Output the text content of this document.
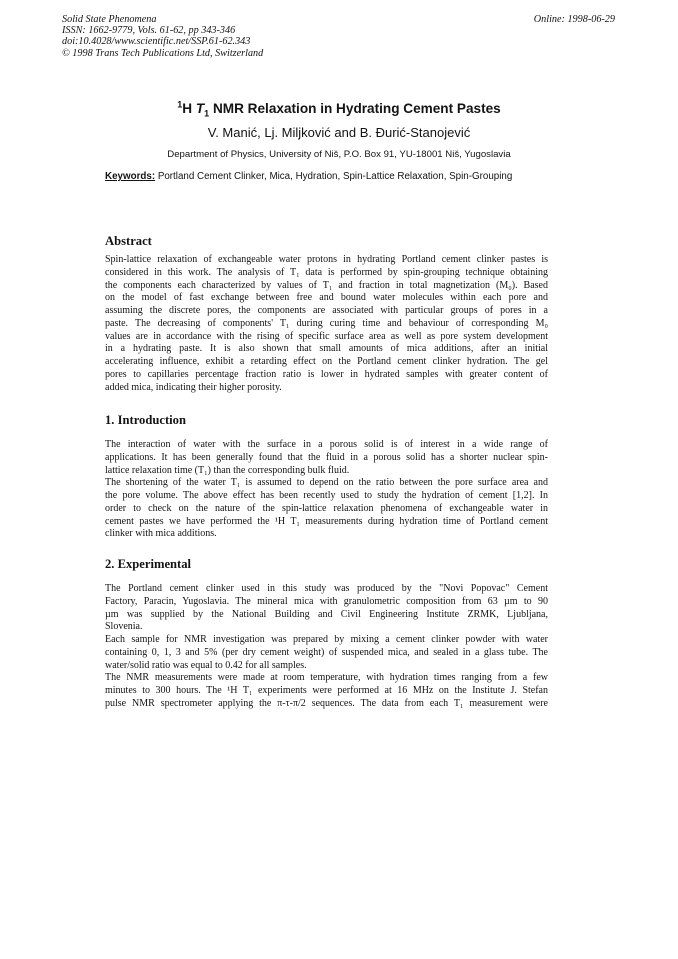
Solid State Phenomena
ISSN: 1662-9779, Vols. 61-62, pp 343-346
doi:10.4028/www.scientific.net/SSP.61-62.343
© 1998 Trans Tech Publications Ltd, Switzerland
Online: 1998-06-29
$^1$H $T_1$ NMR Relaxation in Hydrating Cement Pastes
V. Manić, Lj. Miljković and B. Đurić-Stanojević
Department of Physics, University of Niš, P.O. Box 91, YU-18001 Niš, Yugoslavia
Keywords: Portland Cement Clinker, Mica, Hydration, Spin-Lattice Relaxation, Spin-Grouping
Abstract
Spin-lattice relaxation of exchangeable water protons in hydrating Portland cement clinker pastes is
considered in this work. The analysis of T₁ data is performed by spin-grouping technique obtaining
the components each characterized by values of T₁ and fraction in total magnetization (M₀). Based
on the model of fast exchange between free and bound water molecules within each pore and
assuming the discrete pores, the components are associated with particular groups of pores in a
paste. The decreasing of components' T₁ during curing time and behaviour of corresponding M₀
values are in accordance with the rising of specific surface area as well as pore system development
in a hydrating paste. It is also shown that small amounts of mica additions, after an initial
accelerating influence, exhibit a retarding effect on the Portland cement clinker hydration. The gel
pores to capillaries percentage fraction ratio is lower in hydrated samples with greater content of
added mica, indicating their higher porosity.
1. Introduction
The interaction of water with the surface in a porous solid is of interest in a wide range of
applications. It has been generally found that the fluid in a porous solid has a shorter nuclear spin-
lattice relaxation time (T₁) than the corresponding bulk fluid.
The shortening of the water T₁ is assumed to depend on the ratio between the pore surface area and
the pore volume. The above effect has been recently used to study the hydration of cement [1,2]. In
order to check on the nature of the spin-lattice relaxation phenomena of exchangeable water in
cement pastes we have performed the ¹H T₁ measurements during hydration time of Portland cement
clinker with mica additions.
2. Experimental
The Portland cement clinker used in this study was produced by the "Novi Popovac" Cement
Factory, Paracin, Yugoslavia. The mineral mica with granulometric composition from 63 µm to 90
µm was supplied by the National Building and Civil Engineering Institute ZRMK, Ljubljana,
Slovenia.
Each sample for NMR investigation was prepared by mixing a cement clinker powder with water
containing 0, 1, 3 and 5% (per dry cement weight) of suspended mica, and sealed in a glass tube. The
water/solid ratio was equal to 0.42 for all samples.
The NMR measurements were made at room temperature, with hydration times ranging from a few
minutes to 300 hours. The ¹H T₁ experiments were performed at 16 MHz on the Institute J. Stefan
pulse NMR spectrometer applying the π-τ-π/2 sequences. The data from each T₁ measurement were
